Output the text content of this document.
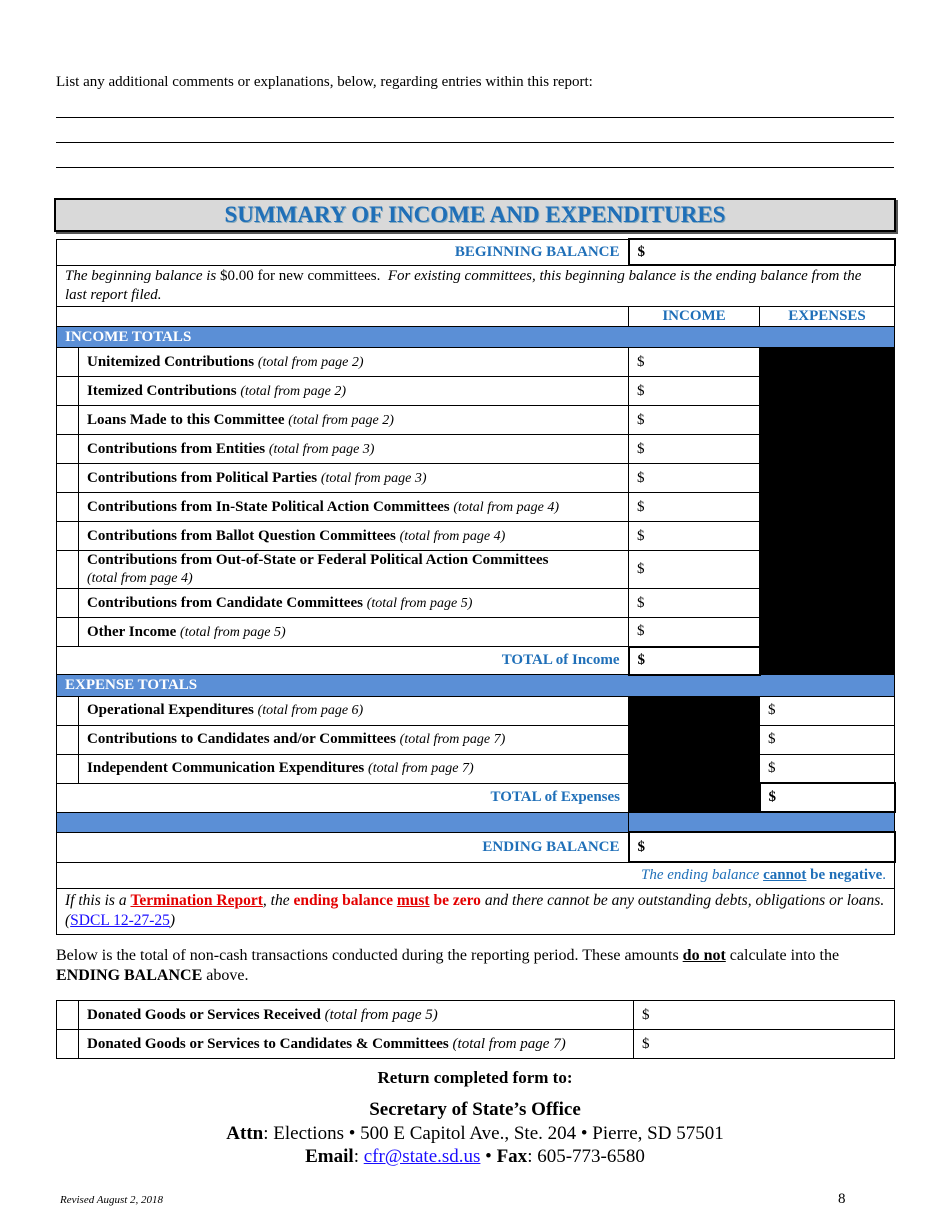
List any additional comments or explanations, below, regarding entries within this report:
SUMMARY OF INCOME AND EXPENDITURES
BEGINNING BALANCE		$	
The beginning balance is $0.00 for new committees. For existing committees, this beginning balance is the ending balance from the last report filed.			
		INCOME	EXPENSES
INCOME TOTALS			
	Unitemized Contributions (total from page 2)	$	
	Itemized Contributions (total from page 2)	$	
	Loans Made to this Committee (total from page 2)	$	
	Contributions from Entities (total from page 3)	$	
	Contributions from Political Parties (total from page 3)	$	
	Contributions from In-State Political Action Committees (total from page 4)	$	
	Contributions from Ballot Question Committees (total from page 4)	$	
	Contributions from Out-of-State or Federal Political Action Committees
(total from page 4)	$	
	Contributions from Candidate Committees (total from page 5)	$	
	Other Income (total from page 5)	$	
TOTAL of Income		$	
EXPENSE TOTALS			
	Operational Expenditures (total from page 6)		$
	Contributions to Candidates and/or Committees (total from page 7)		$
	Independent Communication Expenditures (total from page 7)		$
TOTAL of Expenses			$

ENDING BALANCE		$	
The ending balance cannot be negative.			
If this is a Termination Report, the ending balance must be zero and there cannot be any outstanding debts, obligations or loans. (SDCL 12-27-25)			
Below is the total of non-cash transactions conducted during the reporting period. These amounts do not calculate into the ENDING BALANCE above.
	Donated Goods or Services Received (total from page 5)	$
	Donated Goods or Services to Candidates & Committees (total from page 7)	$
Return completed form to:
Secretary of State’s Office
Attn: Elections • 500 E Capitol Ave., Ste. 204 • Pierre, SD 57501
Email: cfr@state.sd.us • Fax: 605-773-6580
Revised August 2, 2018	8
